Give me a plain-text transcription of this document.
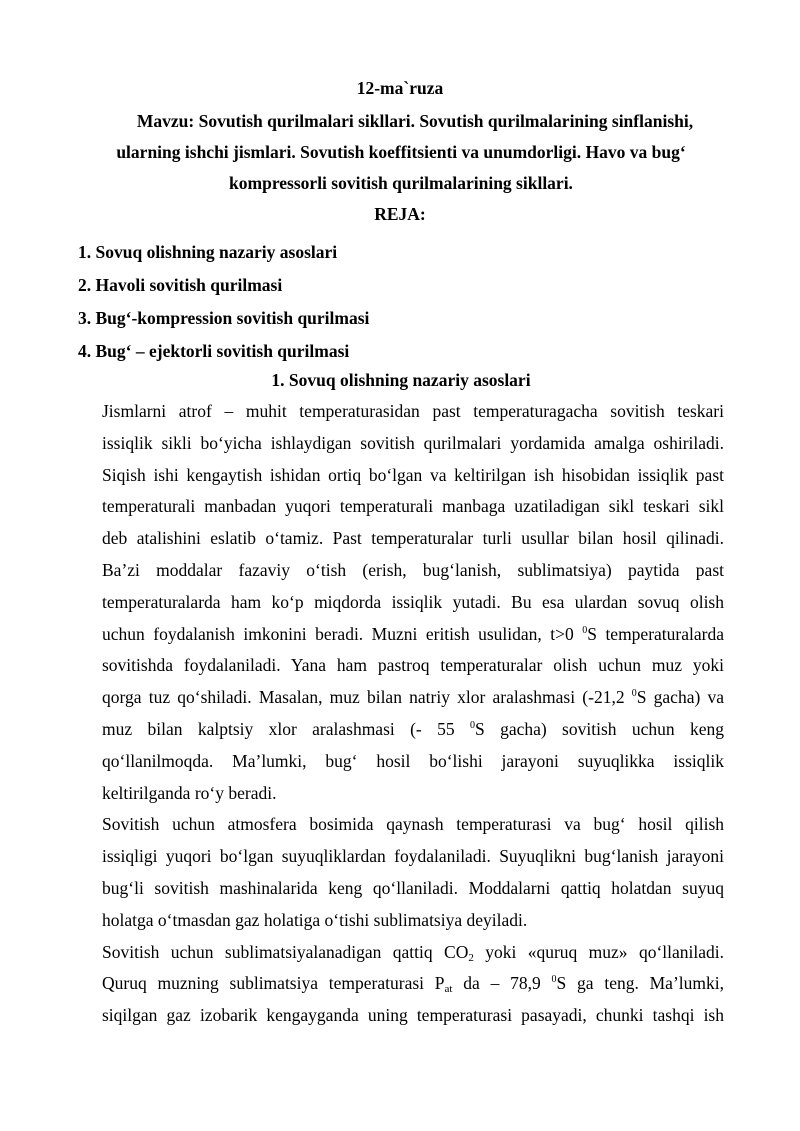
12-ma`ruza
Mavzu: Sovutish qurilmalari sikllari. Sovutish qurilmalarining sinflanishi,
ularning ishchi jismlari. Sovutish koeffitsienti va unumdorligi. Havo va bug‘
kompressorli sovitish qurilmalarining sikllari.
REJA:
1. Sovuq olishning nazariy asoslari
2. Havoli sovitish qurilmasi
3. Bug‘-kompression sovitish qurilmasi
4. Bug‘ – ejektorli sovitish qurilmasi
1. Sovuq olishning nazariy asoslari

Jismlarni atrof – muhit temperaturasidan past temperaturagacha sovitish teskari
issiqlik sikli bo‘yicha ishlaydigan sovitish qurilmalari yordamida amalga oshiriladi.
Siqish ishi kengaytish ishidan ortiq bo‘lgan va keltirilgan ish hisobidan issiqlik past
temperaturali manbadan yuqori temperaturali manbaga uzatiladigan sikl teskari sikl
deb atalishini eslatib o‘tamiz. Past temperaturalar turli usullar bilan hosil qilinadi.
Ba’zi moddalar fazaviy o‘tish (erish, bug‘lanish, sublimatsiya) paytida past
temperaturalarda ham ko‘p miqdorda issiqlik yutadi. Bu esa ulardan sovuq olish
uchun foydalanish imkonini beradi. Muzni eritish usulidan, t>0 $^0$S temperaturalarda
sovitishda foydalaniladi. Yana ham pastroq temperaturalar olish uchun muz yoki
qorga tuz qo‘shiladi. Masalan, muz bilan natriy xlor aralashmasi (-21,2 $^0$S gacha) va
muz bilan kalptsiy xlor aralashmasi (- 55 $^0$S gacha) sovitish uchun keng
qo‘llanilmoqda. Ma’lumki, bug‘ hosil bo‘lishi jarayoni suyuqlikka issiqlik
keltirilganda ro‘y beradi.

Sovitish uchun atmosfera bosimida qaynash temperaturasi va bug‘ hosil qilish
issiqligi yuqori bo‘lgan suyuqliklardan foydalaniladi. Suyuqlikni bug‘lanish jarayoni
bug‘li sovitish mashinalarida keng qo‘llaniladi. Moddalarni qattiq holatdan suyuq
holatga o‘tmasdan gaz holatiga o‘tishi sublimatsiya deyiladi.

Sovitish uchun sublimatsiyalanadigan qattiq $CO_2$ yoki «quruq muz» qo‘llaniladi.
Quruq muzning sublimatsiya temperaturasi $P_{at}$ da – 78,9 $^0$S ga teng. Ma’lumki,
siqilgan gaz izobarik kengayganda uning temperaturasi pasayadi, chunki tashqi ish
